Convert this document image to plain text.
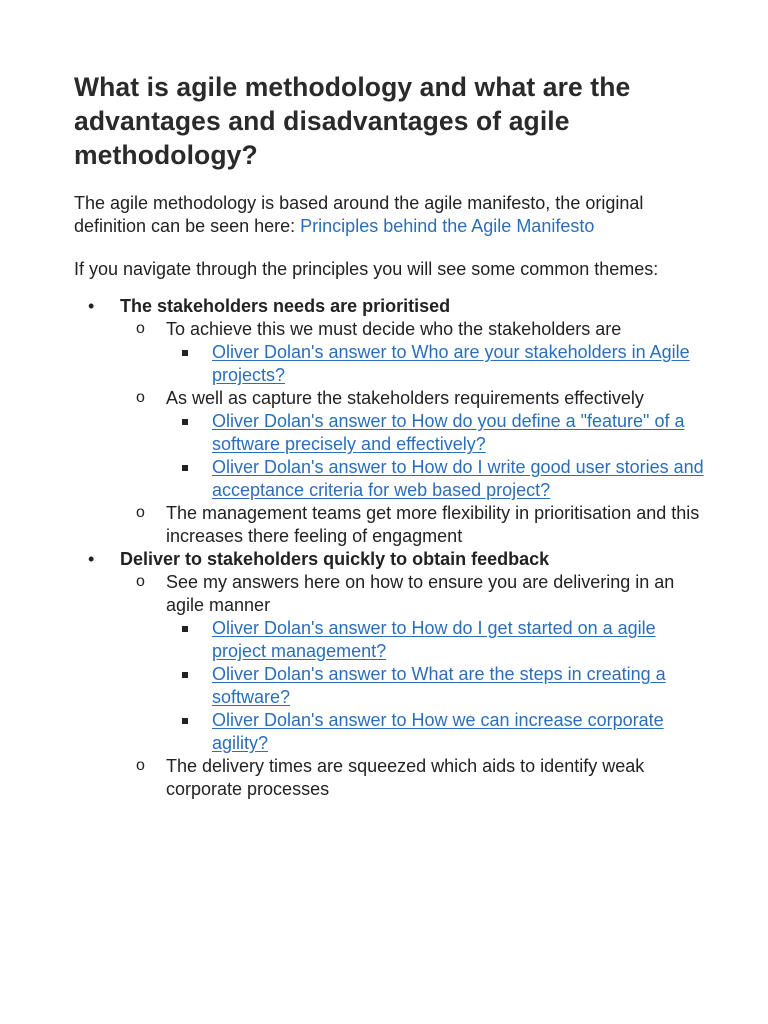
What is agile methodology and what are the advantages and disadvantages of agile methodology?

The agile methodology is based around the agile manifesto, the original definition can be seen here: Principles behind the Agile Manifesto

If you navigate through the principles you will see some common themes:

• The stakeholders needs are prioritised
o To achieve this we must decide who the stakeholders are
Oliver Dolan's answer to Who are your stakeholders in Agile projects?
o As well as capture the stakeholders requirements effectively
Oliver Dolan's answer to How do you define a "feature" of a software precisely and effectively?
Oliver Dolan's answer to How do I write good user stories and acceptance criteria for web based project?
o The management teams get more flexibility in prioritisation and this increases there feeling of engagment
• Deliver to stakeholders quickly to obtain feedback
o See my answers here on how to ensure you are delivering in an agile manner
Oliver Dolan's answer to How do I get started on a agile project management?
Oliver Dolan's answer to What are the steps in creating a software?
Oliver Dolan's answer to How we can increase corporate agility?
o The delivery times are squeezed which aids to identify weak corporate processes
